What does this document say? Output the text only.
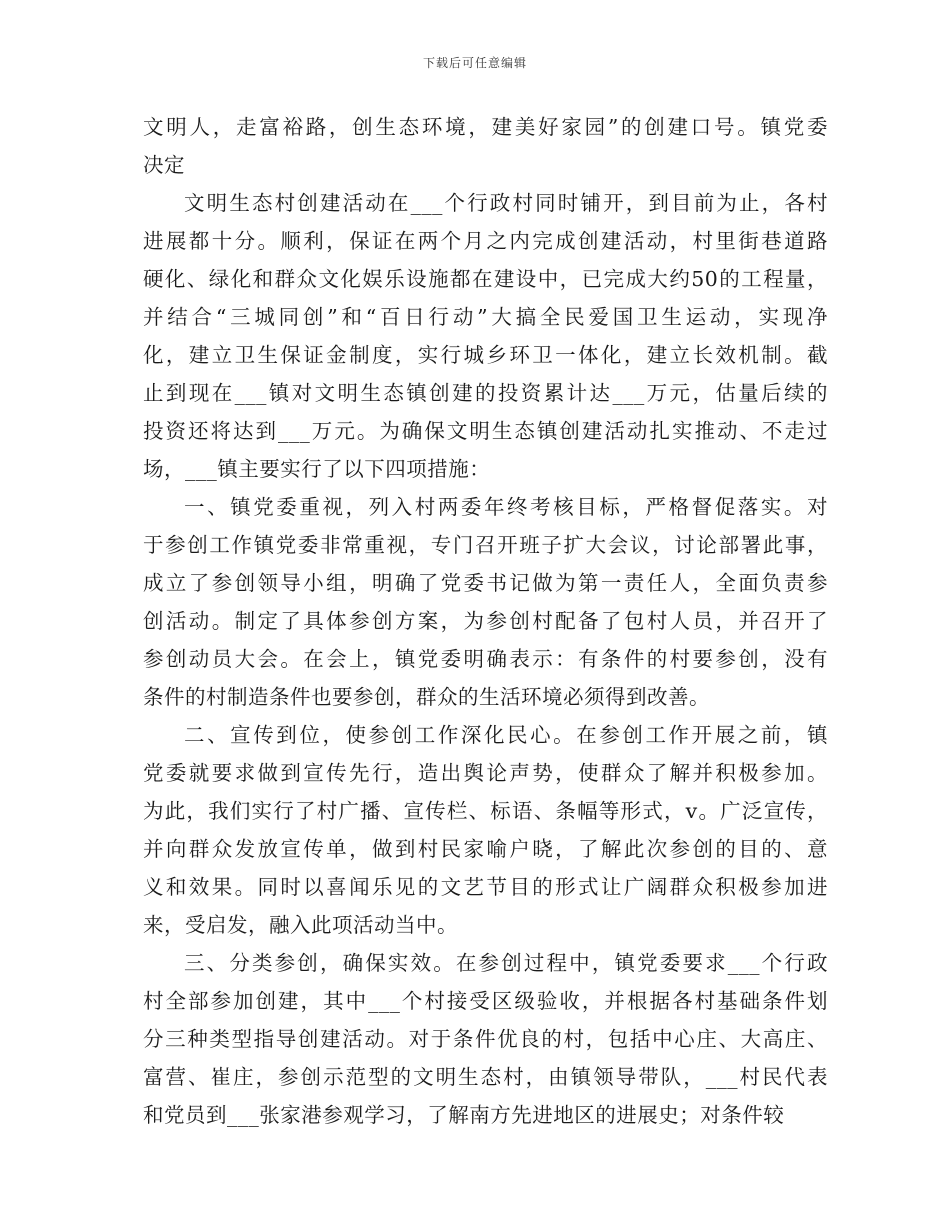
下载后可任意编辑
文明人，走富裕路，创生态环境，建美好家园”的创建口号。镇党委
决定
文明生态村创建活动在___个行政村同时铺开，到目前为止，各村
进展都十分。顺利，保证在两个月之内完成创建活动，村里街巷道路
硬化、绿化和群众文化娱乐设施都在建设中，已完成大约50的工程量，
并结合“三城同创”和“百日行动”大搞全民爱国卫生运动，实现净
化，建立卫生保证金制度，实行城乡环卫一体化，建立长效机制。截
止到现在___镇对文明生态镇创建的投资累计达___万元，估量后续的
投资还将达到___万元。为确保文明生态镇创建活动扎实推动、不走过
场，___镇主要实行了以下四项措施：
一、镇党委重视，列入村两委年终考核目标，严格督促落实。对
于参创工作镇党委非常重视，专门召开班子扩大会议，讨论部署此事，
成立了参创领导小组，明确了党委书记做为第一责任人，全面负责参
创活动。制定了具体参创方案，为参创村配备了包村人员，并召开了
参创动员大会。在会上，镇党委明确表示：有条件的村要参创，没有
条件的村制造条件也要参创，群众的生活环境必须得到改善。
二、宣传到位，使参创工作深化民心。在参创工作开展之前，镇
党委就要求做到宣传先行，造出舆论声势，使群众了解并积极参加。
为此，我们实行了村广播、宣传栏、标语、条幅等形式，v。广泛宣传，
并向群众发放宣传单，做到村民家喻户晓，了解此次参创的目的、意
义和效果。同时以喜闻乐见的文艺节目的形式让广阔群众积极参加进
来，受启发，融入此项活动当中。
三、分类参创，确保实效。在参创过程中，镇党委要求___个行政
村全部参加创建，其中___个村接受区级验收，并根据各村基础条件划
分三种类型指导创建活动。对于条件优良的村，包括中心庄、大高庄、
富营、崔庄，参创示范型的文明生态村，由镇领导带队，___村民代表
和党员到___张家港参观学习，了解南方先进地区的进展史；对条件较
